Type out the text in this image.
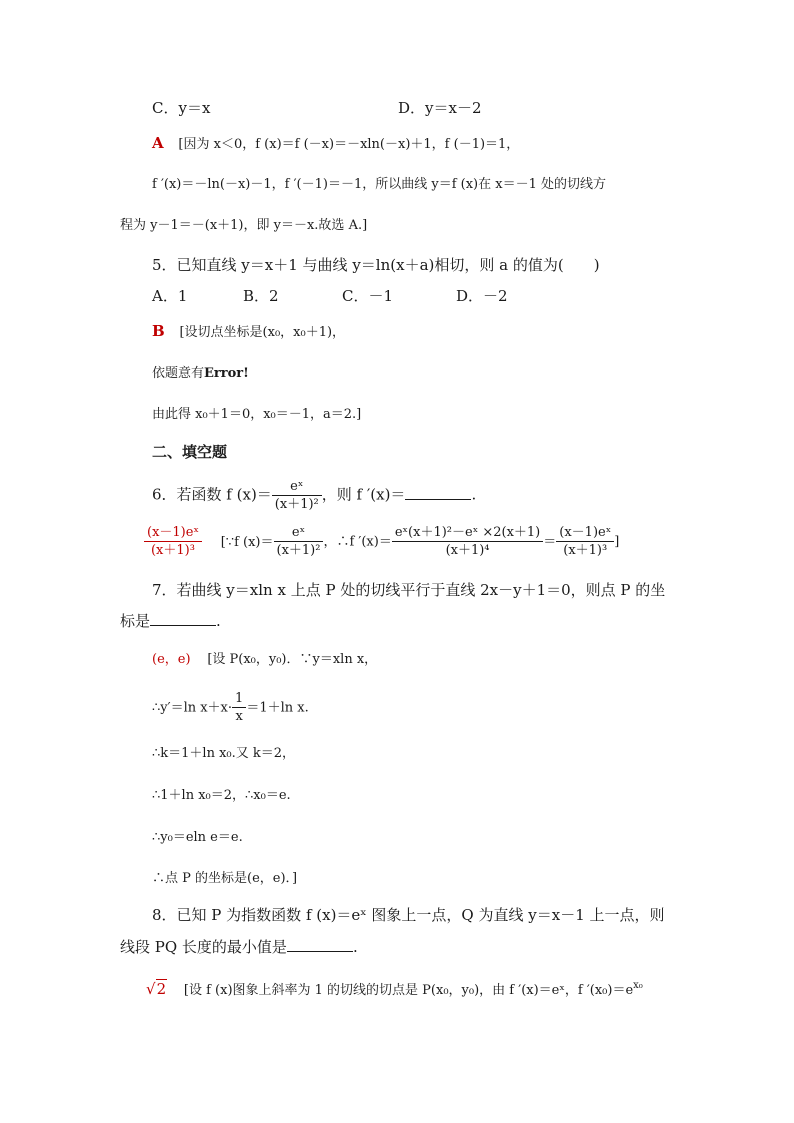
C．y＝x	D．y＝x－2
A [因为 x＜0，f (x)＝f (－x)＝－xln(－x)＋1，f (－1)＝1，
f ′(x)＝－ln(－x)－1，f ′(－1)＝－1，所以曲线 y＝f (x)在 x＝－1 处的切线方
程为 y－1＝－(x＋1)，即 y＝－x.故选 A.]
5．已知直线 y＝x＋1 与曲线 y＝ln(x＋a)相切，则 a 的值为(　　)
A．1	B．2	C．－1	D．－2
B [设切点坐标是(x₀，x₀＋1)，
依题意有Error!
由此得 x₀＋1＝0，x₀＝－1，a＝2.]
二、填空题
6．若函数 f $(x)= \frac{\text{eˣ}}{\text{(x＋1)²}}$ ，则 f ′(x)＝	.
$\frac{\text{(x－1)eˣ}}{\text{(x＋1)³}}$ [∵f $(x)= \frac{\text{eˣ}}{\text{(x＋1)²}}$ ，∴f $'(x)= \frac{\text{eˣ(x＋1)²－eˣ ×2(x＋1)}}{\text{(x＋1)⁴}} = \frac{\text{(x－1)eˣ}}{\text{(x＋1)³}}$ ]
7．若曲线 y＝xln x 上点 P 处的切线平行于直线 2x－y＋1＝0，则点 P 的坐
标是	.
(e，e) [设 P(x₀，y₀)．∵y＝xln x，
∴y′＝ln $x+x\cdot \frac{1}{x} =1+\ln$ x.
∴k＝1＋ln x₀.又 k＝2，
∴1＋ln x₀＝2，∴x₀＝e.
∴y₀＝eln e＝e.
∴点 P 的坐标是(e，e)．]
8．已知 P 为指数函数 f (x)＝eˣ 图象上一点，Q 为直线 y＝x－1 上一点，则
线段 PQ 长度的最小值是	.
√2 [设 f (x)图象上斜率为 1 的切线的切点是 P(x₀，y₀)，由 f ′(x)＝eˣ，f $'(x_0)=e^{x_0}$
